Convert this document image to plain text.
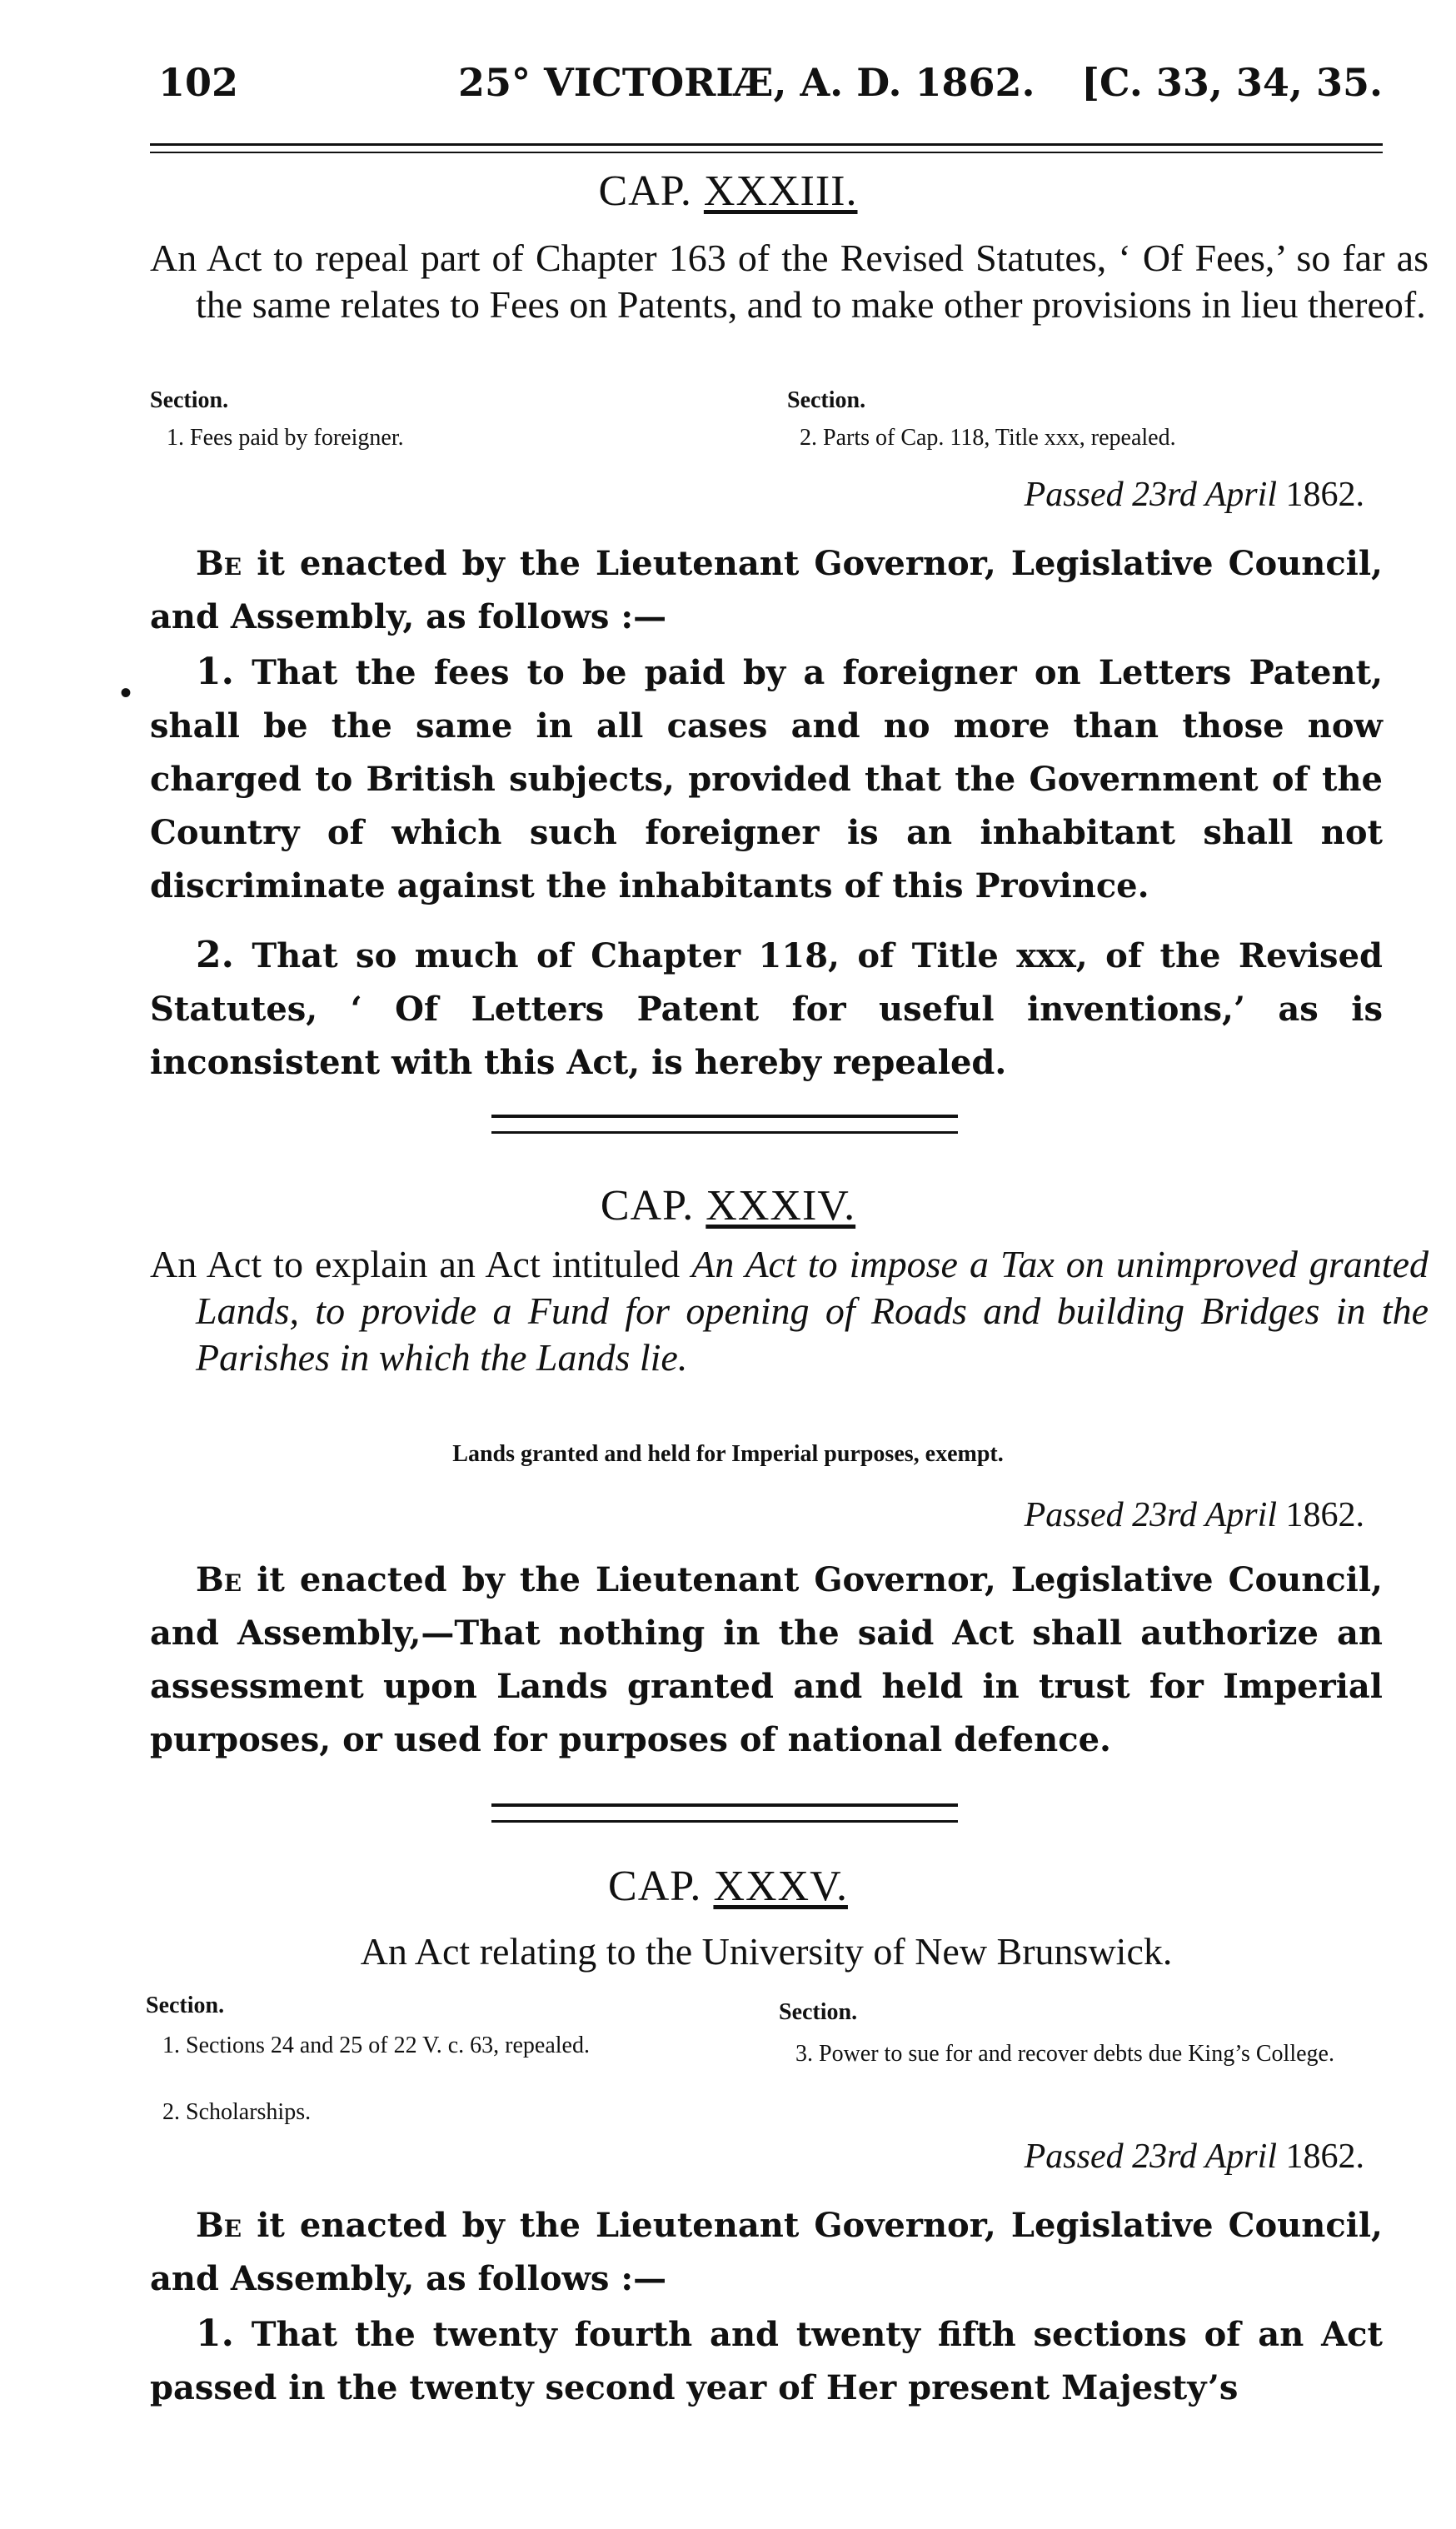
102	25° VICTORIÆ, A. D. 1862. [C. 33, 34, 35.
CAP. XXXIII.
An Act to repeal part of Chapter 163 of the Revised Statutes, ‘ Of Fees,’ so far as the same relates to Fees on Patents, and to make other provisions in lieu thereof.
Section.	Section.
1. Fees paid by foreigner.	2. Parts of Cap. 118, Title xxx, repealed.
Passed 23rd April 1862.
Be it enacted by the Lieutenant Governor, Legislative Council, and Assembly, as follows :—
•	1. That the fees to be paid by a foreigner on Letters Patent, shall be the same in all cases and no more than those now charged to British subjects, provided that the Government of the Country of which such foreigner is an inhabitant shall not discriminate against the inhabitants of this Province.
2. That so much of Chapter 118, of Title xxx, of the Revised Statutes, ‘ Of Letters Patent for useful inventions,’ as is inconsistent with this Act, is hereby repealed.
CAP. XXXIV.
An Act to explain an Act intituled An Act to impose a Tax on unimproved granted Lands, to provide a Fund for opening of Roads and building Bridges in the Parishes in which the Lands lie.
Lands granted and held for Imperial purposes, exempt.
Passed 23rd April 1862.
Be it enacted by the Lieutenant Governor, Legislative Council, and Assembly,—That nothing in the said Act shall authorize an assessment upon Lands granted and held in trust for Imperial purposes, or used for purposes of national defence.
CAP. XXXV.
An Act relating to the University of New Brunswick.
Section.	Section.
1. Sections 24 and 25 of 22 V. c. 63, repealed.
2. Scholarships.
3. Power to sue for and recover debts due King’s College.
Passed 23rd April 1862.
Be it enacted by the Lieutenant Governor, Legislative Council, and Assembly, as follows :—
1. That the twenty fourth and twenty fifth sections of an Act passed in the twenty second year of Her present Majesty’s
